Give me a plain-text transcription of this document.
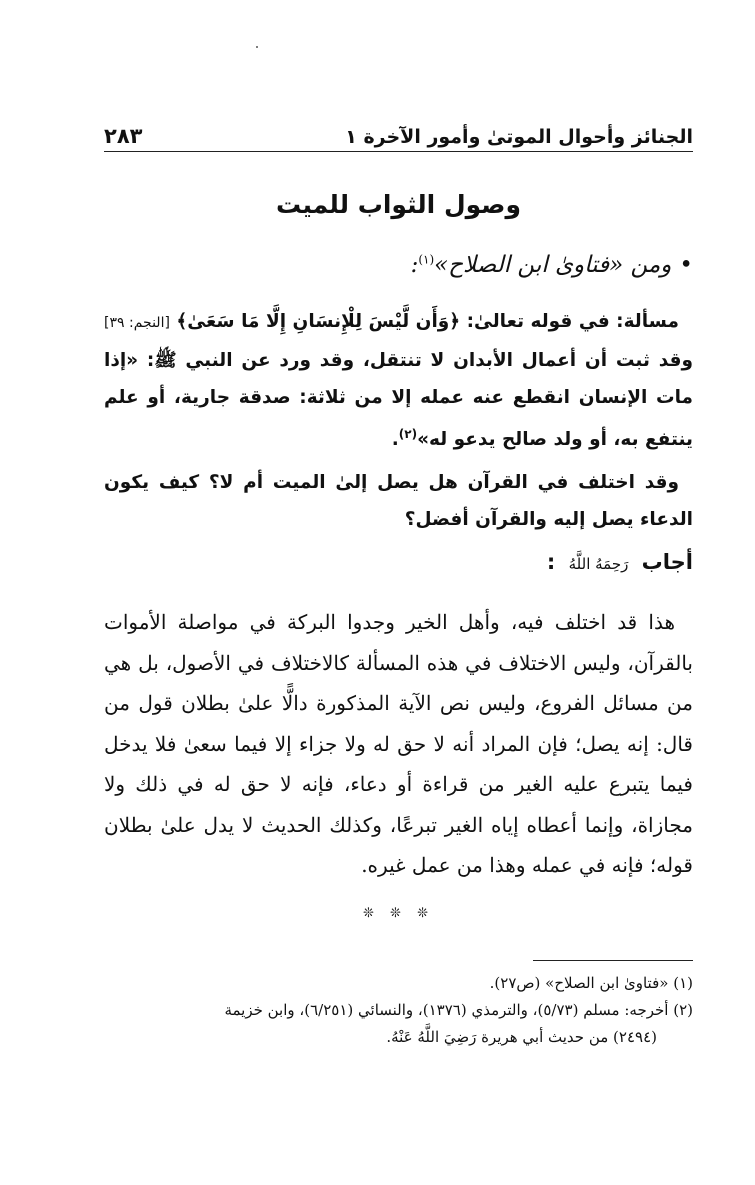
الجنائز وأحوال الموتىٰ وأمور الآخرة ١
٢٨٣
وصول الثواب للميت
•ومن «فتاوىٰ ابن الصلاح»$^{(١)}$:
مسألة: في قوله تعالىٰ: ﴿وَأَن لَّيْسَ لِلْإِنسَانِ إِلَّا مَا سَعَىٰ﴾ [النجم: ٣٩] وقد ثبت أن أعمال الأبدان لا تنتقل، وقد ورد عن النبي ﷺ: «إذا مات الإنسان انقطع عنه عمله إلا من ثلاثة: صدقة جارية، أو علم ينتفع به، أو ولد صالح يدعو له»$^{(٢)}$.
وقد اختلف في القرآن هل يصل إلىٰ الميت أم لا؟ كيف يكون الدعاء يصل إليه والقرآن أفضل؟
أجاب رَحِمَهُ اللَّهُ :
هذا قد اختلف فيه، وأهل الخير وجدوا البركة في مواصلة الأموات بالقرآن، وليس الاختلاف في هذه المسألة كالاختلاف في الأصول، بل هي من مسائل الفروع، وليس نص الآية المذكورة دالًّا علىٰ بطلان قول من قال: إنه يصل؛ فإن المراد أنه لا حق له ولا جزاء إلا فيما سعىٰ فلا يدخل فيما يتبرع عليه الغير من قراءة أو دعاء، فإنه لا حق له في ذلك ولا مجازاة، وإنما أعطاه إياه الغير تبرعًا، وكذلك الحديث لا يدل علىٰ بطلان قوله؛ فإنه في عمله وهذا من عمل غيره.
❊ ❊ ❊
(١) «فتاوىٰ ابن الصلاح» (ص٢٧).
(٢) أخرجه: مسلم (٥/٧٣)، والترمذي (١٣٧٦)، والنسائي (٦/٢٥١)، وابن خزيمة
(٢٤٩٤) من حديث أبي هريرة رَضِيَ اللَّهُ عَنْهُ.
